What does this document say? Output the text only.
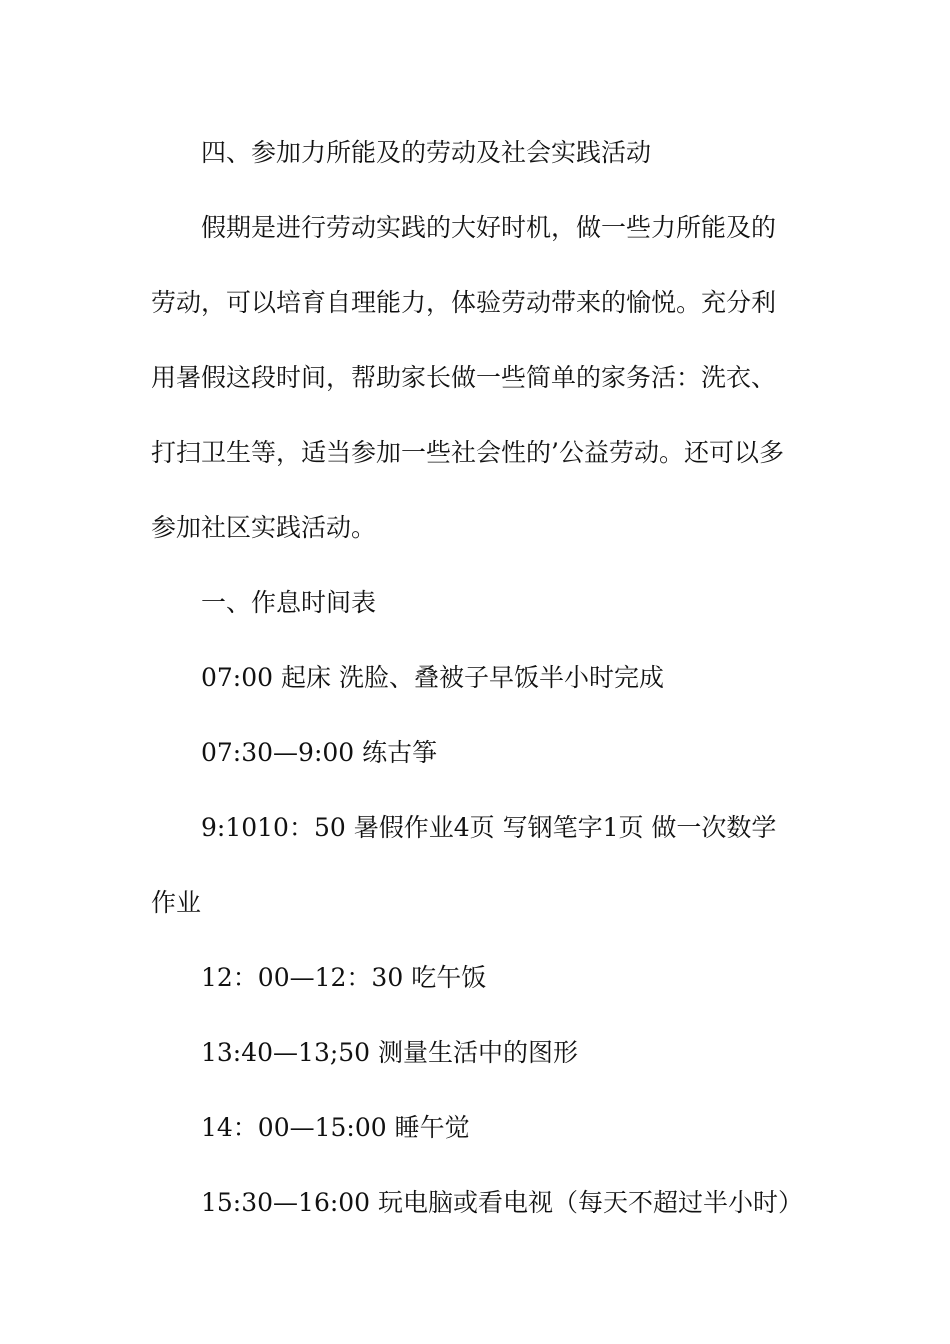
四、参加力所能及的劳动及社会实践活动
假期是进行劳动实践的大好时机，做一些力所能及的
劳动，可以培育自理能力，体验劳动带来的愉悦。充分利
用暑假这段时间，帮助家长做一些简单的家务活：洗衣、
打扫卫生等，适当参加一些社会性的’公益劳动。还可以多
参加社区实践活动。
一、作息时间表
07:00 起床 洗脸、叠被子早饭半小时完成
07:30—9:00 练古筝
9:1010：50 暑假作业4页 写钢笔字1页 做一次数学
作业
12：00—12：30 吃午饭
13:40—13;50 测量生活中的图形
14：00—15:00 睡午觉
15:30—16:00 玩电脑或看电视（每天不超过半小时）
